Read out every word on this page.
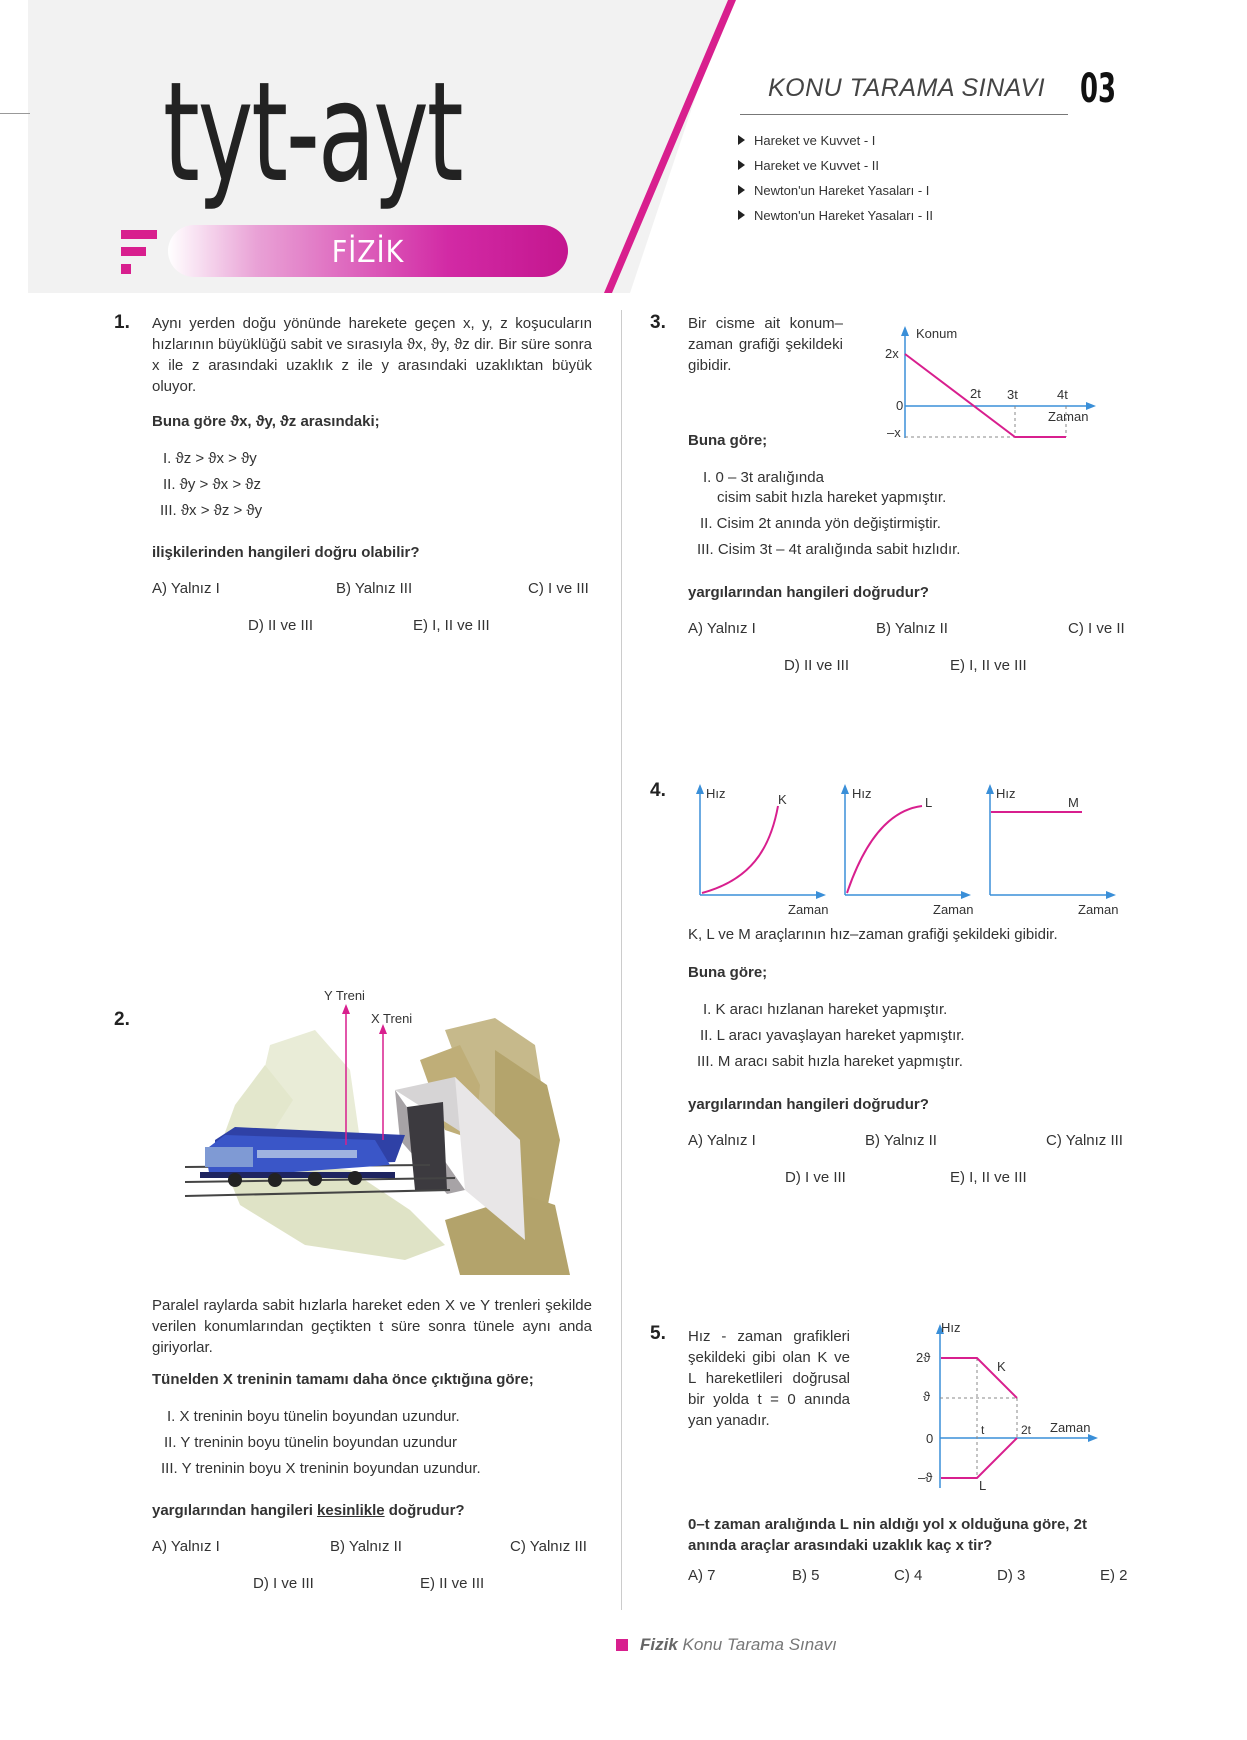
tyt-ayt
FİZİK
KONU TARAMA SINAVI 03
Hareket ve Kuvvet - I
Hareket ve Kuvvet - II
Newton'un Hareket Yasaları - I
Newton'un Hareket Yasaları - II
1. Aynı yerden doğu yönünde harekete geçen x, y, z koşucuların hızlarının büyüklüğü sabit ve sırasıyla ϑx, ϑy, ϑz dir. Bir süre sonra x ile z arasındaki uzaklık z ile y arasındaki uzaklıktan büyük oluyor.
Buna göre ϑx, ϑy, ϑz arasındaki;
I. ϑz > ϑx > ϑy
II. ϑy > ϑx > ϑz
III. ϑx > ϑz > ϑy
ilişkilerinden hangileri doğru olabilir?
A) Yalnız I	B) Yalnız III	C) I ve III
D) II ve III	E) I, II ve III
2.
Y Treni
X Treni
Paralel raylarda sabit hızlarla hareket eden X ve Y trenleri şekilde verilen konumlarından geçtikten t süre sonra tünele aynı anda giriyorlar.
Tünelden X treninin tamamı daha önce çıktığına göre;
I. X treninin boyu tünelin boyundan uzundur.
II. Y treninin boyu tünelin boyundan uzundur
III. Y treninin boyu X treninin boyundan uzundur.
yargılarından hangileri kesinlikle doğrudur?
A) Yalnız I	B) Yalnız II	C) Yalnız III
D) I ve III	E) II ve III
3. Bir cisme ait konum–zaman grafiği şekildeki gibidir.
Konum
Zaman
2x
0
–x
2t 3t	4t
Buna göre;
I. 0 – 3t aralığında
cisim sabit hızla hareket yapmıştır.
II. Cisim 2t anında yön değiştirmiştir.
III. Cisim 3t – 4t aralığında sabit hızlıdır.
yargılarından hangileri doğrudur?
A) Yalnız I	B) Yalnız II	C) I ve II
D) II ve III	E) I, II ve III
4.	Hız	K
Zaman
Hız
L
Zaman
Hız
M
Zaman
K, L ve M araçlarının hız–zaman grafiği şekildeki gibidir.
Buna göre;
I. K aracı hızlanan hareket yapmıştır.
II. L aracı yavaşlayan hareket yapmıştır.
III. M aracı sabit hızla hareket yapmıştır.
yargılarından hangileri doğrudur?
A) Yalnız I	B) Yalnız II	C) Yalnız III
D) I ve III	E) I, II ve III
5. Hız - zaman grafikleri şekildeki gibi olan K ve L hareketlileri doğrusal bir yolda t = 0 anında yan yanadır.
Hız
Zaman
2ϑ
ϑ
0
–ϑ
t	2t
K
L
0–t zaman aralığında L nin aldığı yol x olduğuna göre, 2t anında araçlar arasındaki uzaklık kaç x tir?
A) 7	B) 5	C) 4	D) 3	E) 2
Fizik Konu Tarama Sınavı
